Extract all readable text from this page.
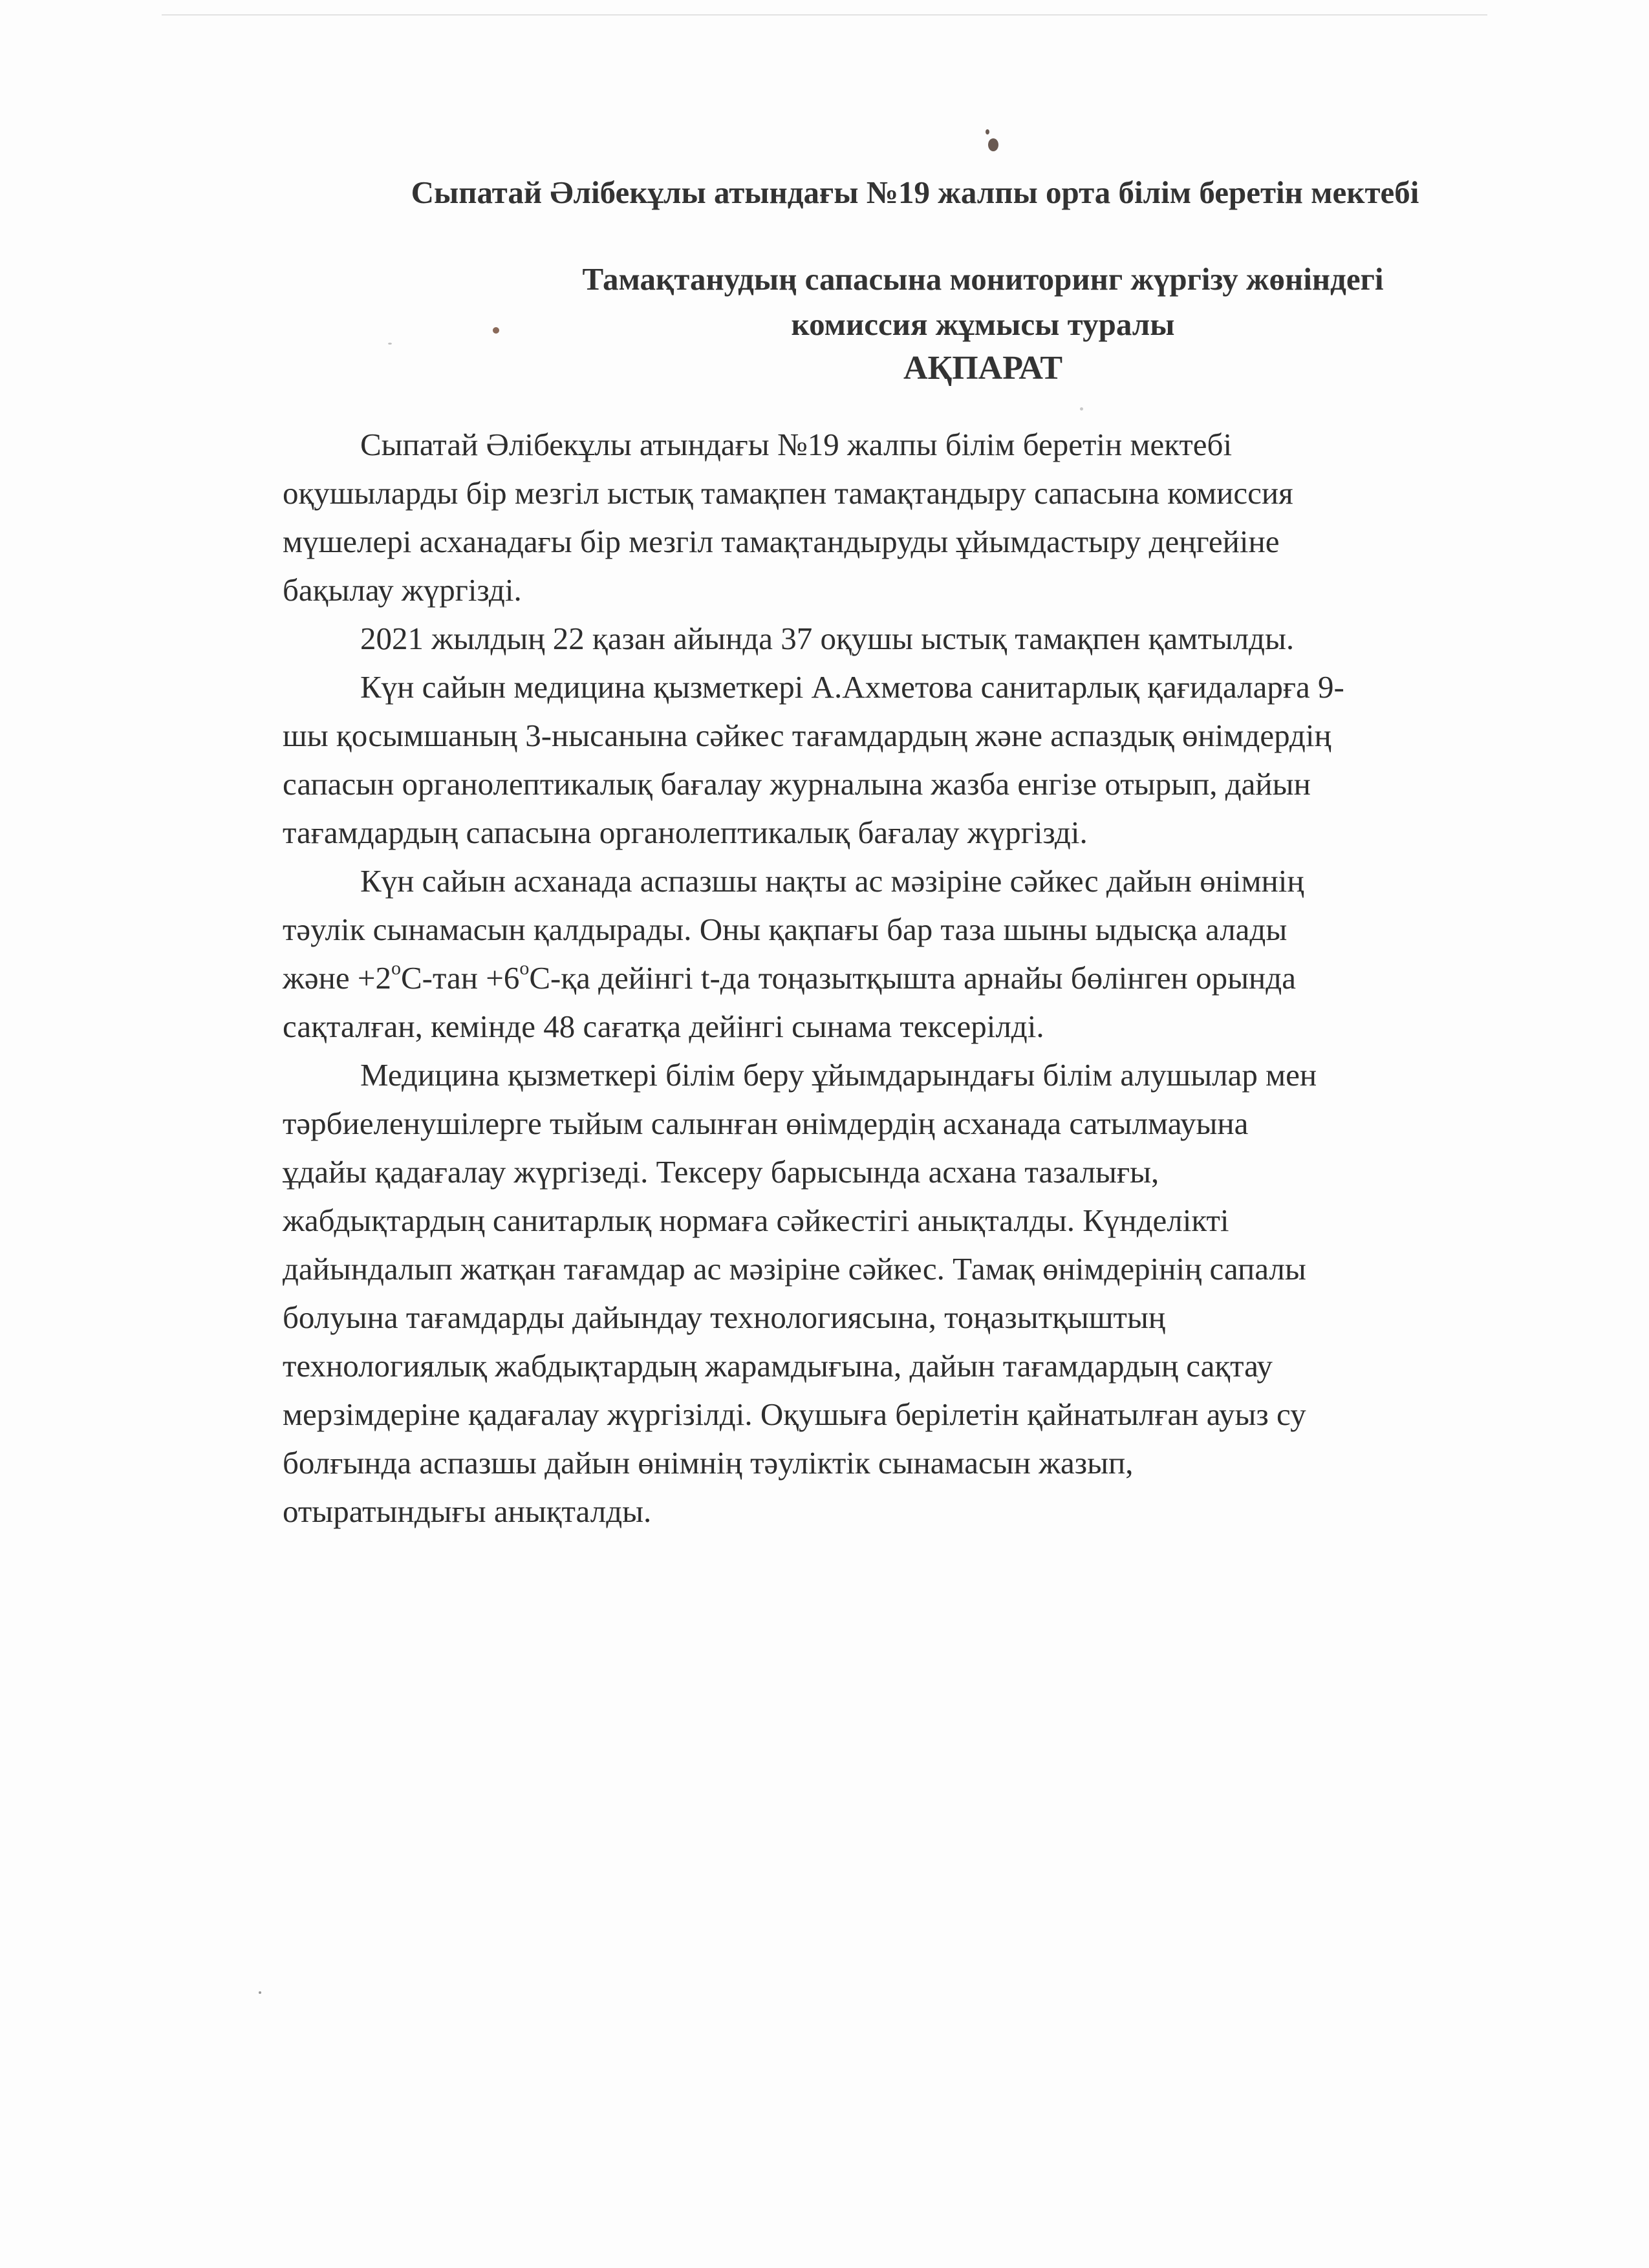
Сыпатай Әлібекұлы атындағы №19 жалпы орта білім беретін мектебі
Тамақтанудың сапасына мониторинг жүргізу жөніндегі
комиссия жұмысы туралы
АҚПАРАТ
Сыпатай Әлібекұлы атындағы №19 жалпы білім беретін мектебі
оқушыларды бір мезгіл ыстық тамақпен тамақтандыру сапасына комиссия
мүшелері асханадағы бір мезгіл тамақтандыруды ұйымдастыру деңгейіне
бақылау жүргізді.
2021 жылдың 22 қазан айында 37 оқушы ыстық тамақпен қамтылды.
Күн сайын медицина қызметкері А.Ахметова санитарлық қағидаларға 9-
шы қосымшаның 3-нысанына сәйкес тағамдардың және аспаздық өнімдердің
сапасын органолептикалық бағалау журналына жазба енгізе отырып, дайын
тағамдардың сапасына органолептикалық бағалау жүргізді.
Күн сайын асханада аспазшы нақты ас мәзіріне сәйкес дайын өнімнің
тәулік сынамасын қалдырады. Оны қақпағы бар таза шыны ыдысқа алады
және $+2^оС$-тан $+6^оС-қа$ дейінгі t-да тоңазытқышта арнайы бөлінген орында
сақталған, кемінде 48 сағатқа дейінгі сынама тексерілді.
Медицина қызметкері білім беру ұйымдарындағы білім алушылар мен
тәрбиеленушілерге тыйым салынған өнімдердің асханада сатылмауына
ұдайы қадағалау жүргізеді. Тексеру барысында асхана тазалығы,
жабдықтардың санитарлық нормаға сәйкестігі анықталды. Күнделікті
дайындалып жатқан тағамдар ас мәзіріне сәйкес. Тамақ өнімдерінің сапалы
болуына тағамдарды дайындау технологиясына, тоңазытқыштың
технологиялық жабдықтардың жарамдығына, дайын тағамдардың сақтау
мерзімдеріне қадағалау жүргізілді. Оқушыға берілетін қайнатылған ауыз су
болғында аспазшы дайын өнімнің тәуліктік сынамасын жазып,
отыратындығы анықталды.
